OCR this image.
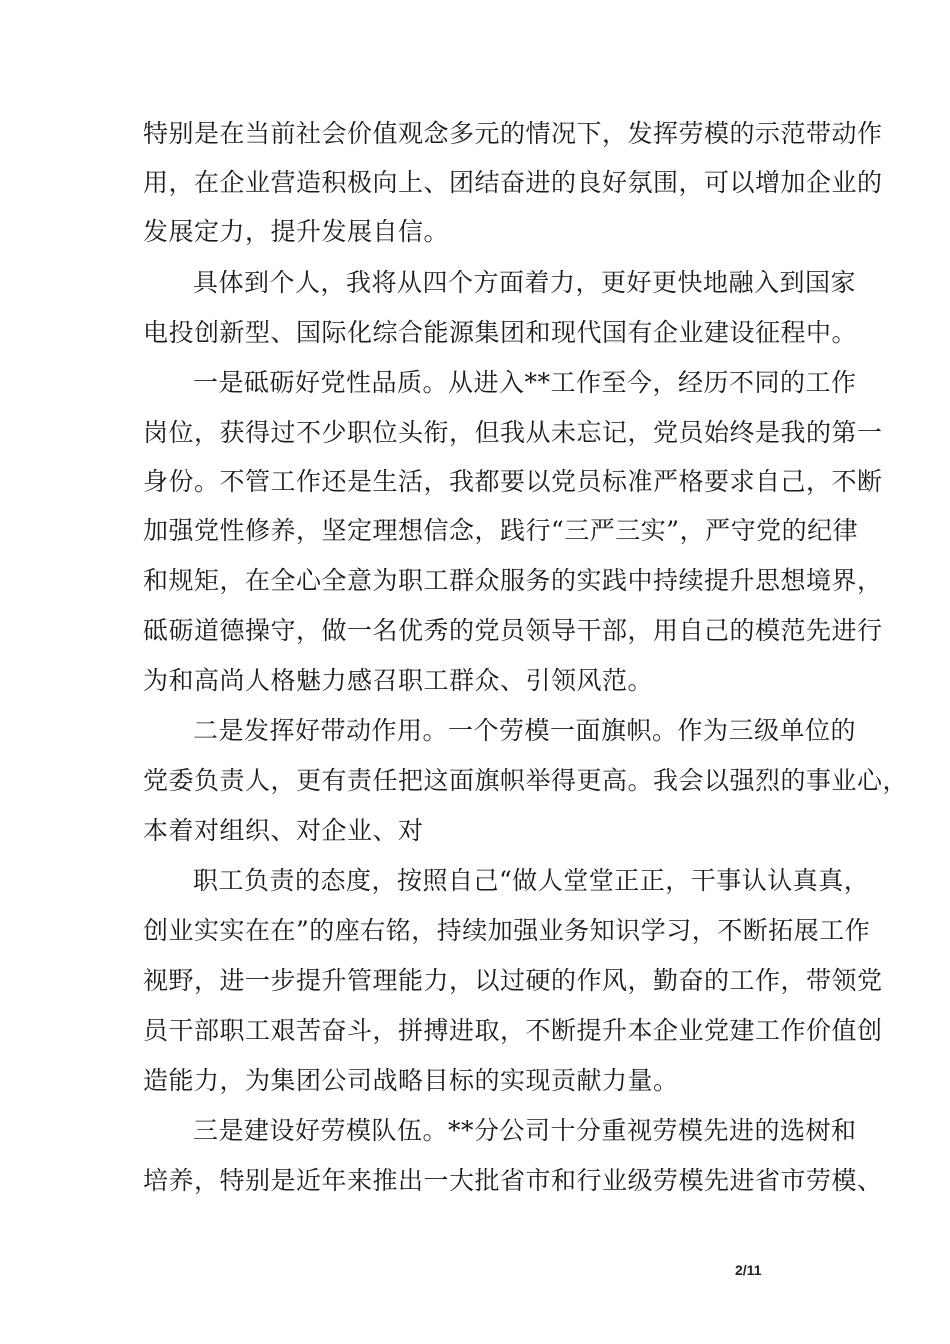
特别是在当前社会价值观念多元的情况下，发挥劳模的示范带动作
用，在企业营造积极向上、团结奋进的良好氛围，可以增加企业的
发展定力，提升发展自信。
具体到个人，我将从四个方面着力，更好更快地融入到国家
电投创新型、国际化综合能源集团和现代国有企业建设征程中。
一是砥砺好党性品质。从进入**工作至今，经历不同的工作
岗位，获得过不少职位头衔，但我从未忘记，党员始终是我的第一
身份。不管工作还是生活，我都要以党员标准严格要求自己，不断
加强党性修养，坚定理想信念，践行“三严三实”，严守党的纪律
和规矩，在全心全意为职工群众服务的实践中持续提升思想境界，
砥砺道德操守，做一名优秀的党员领导干部，用自己的模范先进行
为和高尚人格魅力感召职工群众、引领风范。
二是发挥好带动作用。一个劳模一面旗帜。作为三级单位的
党委负责人，更有责任把这面旗帜举得更高。我会以强烈的事业心，
本着对组织、对企业、对
职工负责的态度，按照自己“做人堂堂正正，干事认认真真，
创业实实在在”的座右铭，持续加强业务知识学习，不断拓展工作
视野，进一步提升管理能力，以过硬的作风，勤奋的工作，带领党
员干部职工艰苦奋斗，拼搏进取，不断提升本企业党建工作价值创
造能力，为集团公司战略目标的实现贡献力量。
三是建设好劳模队伍。**分公司十分重视劳模先进的选树和
培养，特别是近年来推出一大批省市和行业级劳模先进省市劳模、
2/11
